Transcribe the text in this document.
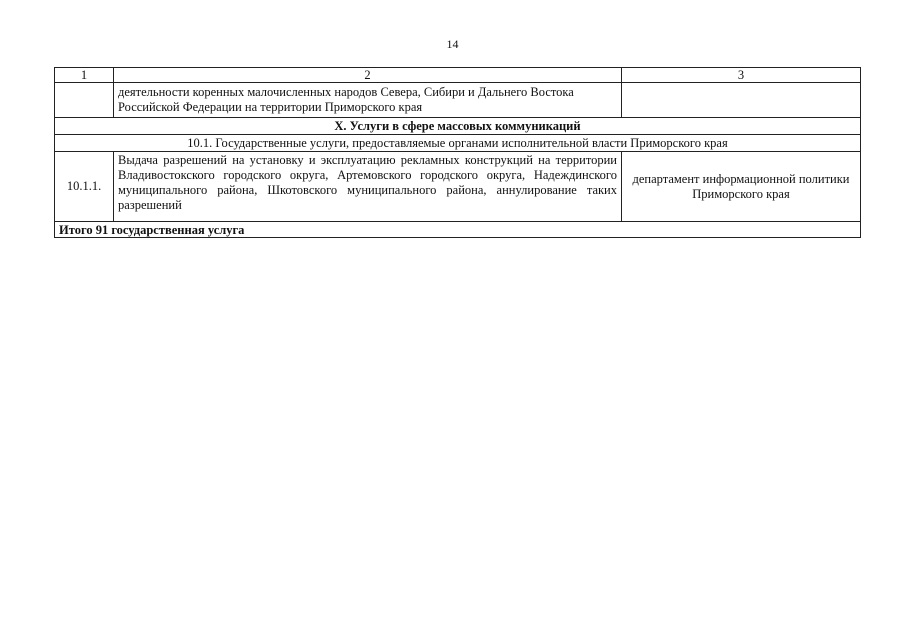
14
1	2	3
	деятельности коренных малочисленных народов Севера, Сибири и Дальнего Востока Российской Федерации на территории Приморского края	
X. Услуги в сфере массовых коммуникаций		
10.1. Государственные услуги, предоставляемые органами исполнительной власти Приморского края		
10.1.1.	Выдача разрешений на установку и эксплуатацию рекламных конструкций на территории Владивостокского городского округа, Артемовского городского округа, Надеждинского муниципального района, Шкотовского муниципального района, аннулирование таких разрешений	департамент информационной политики Приморского края
Итого 91 государственная услуга		
